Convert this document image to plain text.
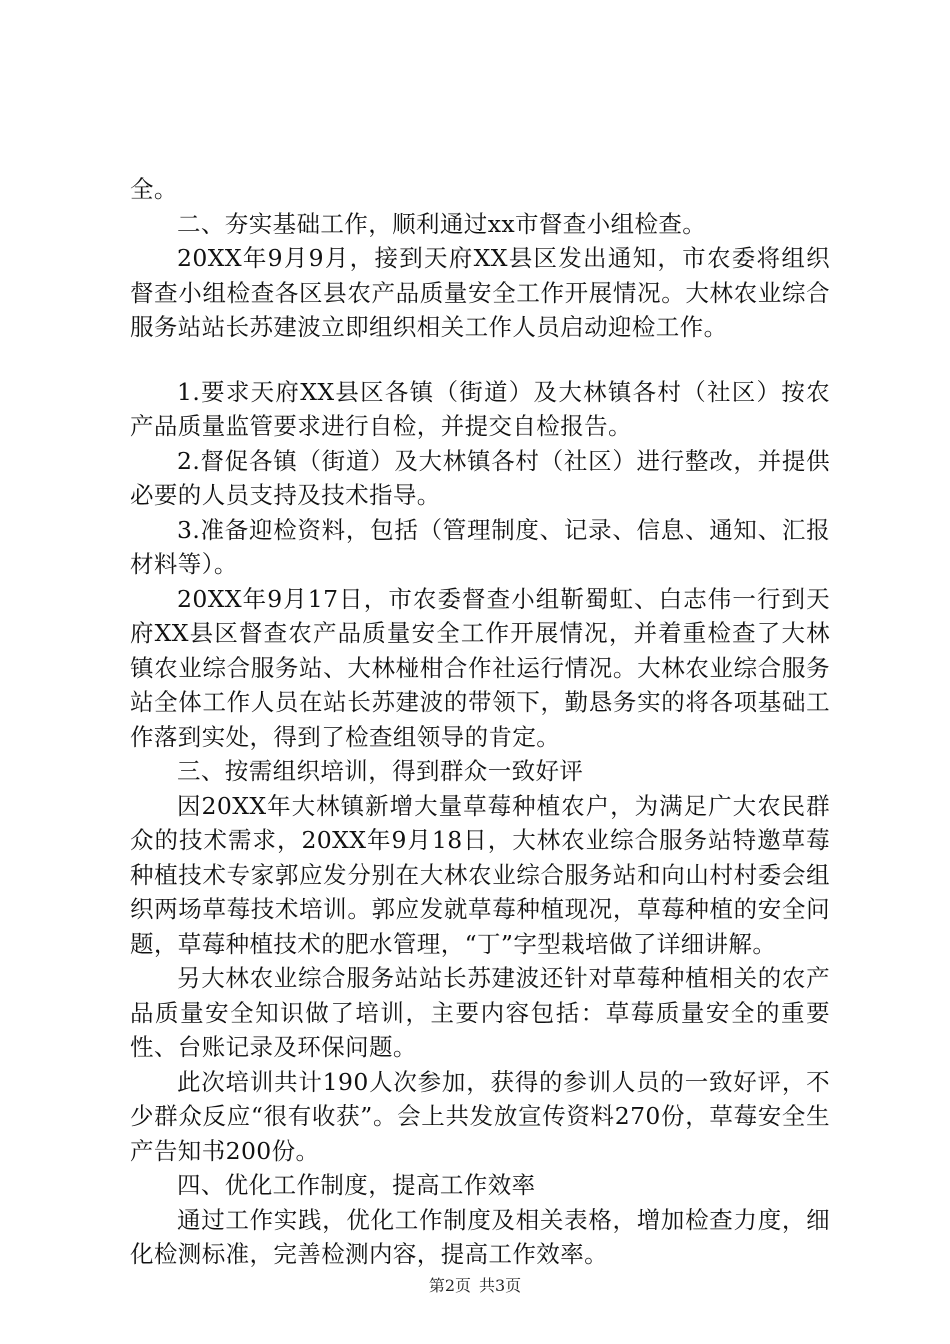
全。

二、夯实基础工作，顺利通过xx市督查小组检查。

20XX年9月9月，接到天府XX县区发出通知，市农委将组织督查小组检查各区县农产品质量安全工作开展情况。大林农业综合服务站站长苏建波立即组织相关工作人员启动迎检工作。

1.要求天府XX县区各镇（街道）及大林镇各村（社区）按农产品质量监管要求进行自检，并提交自检报告。

2.督促各镇（街道）及大林镇各村（社区）进行整改，并提供必要的人员支持及技术指导。

3.准备迎检资料，包括（管理制度、记录、信息、通知、汇报材料等）。

20XX年9月17日，市农委督查小组靳蜀虹、白志伟一行到天府XX县区督查农产品质量安全工作开展情况，并着重检查了大林镇农业综合服务站、大林椪柑合作社运行情况。大林农业综合服务站全体工作人员在站长苏建波的带领下，勤恳务实的将各项基础工作落到实处，得到了检查组领导的肯定。

三、按需组织培训，得到群众一致好评

因20XX年大林镇新增大量草莓种植农户，为满足广大农民群众的技术需求，20XX年9月18日，大林农业综合服务站特邀草莓种植技术专家郭应发分别在大林农业综合服务站和向山村村委会组织两场草莓技术培训。郭应发就草莓种植现况，草莓种植的安全问题，草莓种植技术的肥水管理，“丁”字型栽培做了详细讲解。

另大林农业综合服务站站长苏建波还针对草莓种植相关的农产品质量安全知识做了培训，主要内容包括：草莓质量安全的重要性、台账记录及环保问题。

此次培训共计190人次参加，获得的参训人员的一致好评，不少群众反应“很有收获”。会上共发放宣传资料270份，草莓安全生产告知书200份。

四、优化工作制度，提高工作效率

通过工作实践，优化工作制度及相关表格，增加检查力度，细化检测标准，完善检测内容，提高工作效率。

第2页 共3页
